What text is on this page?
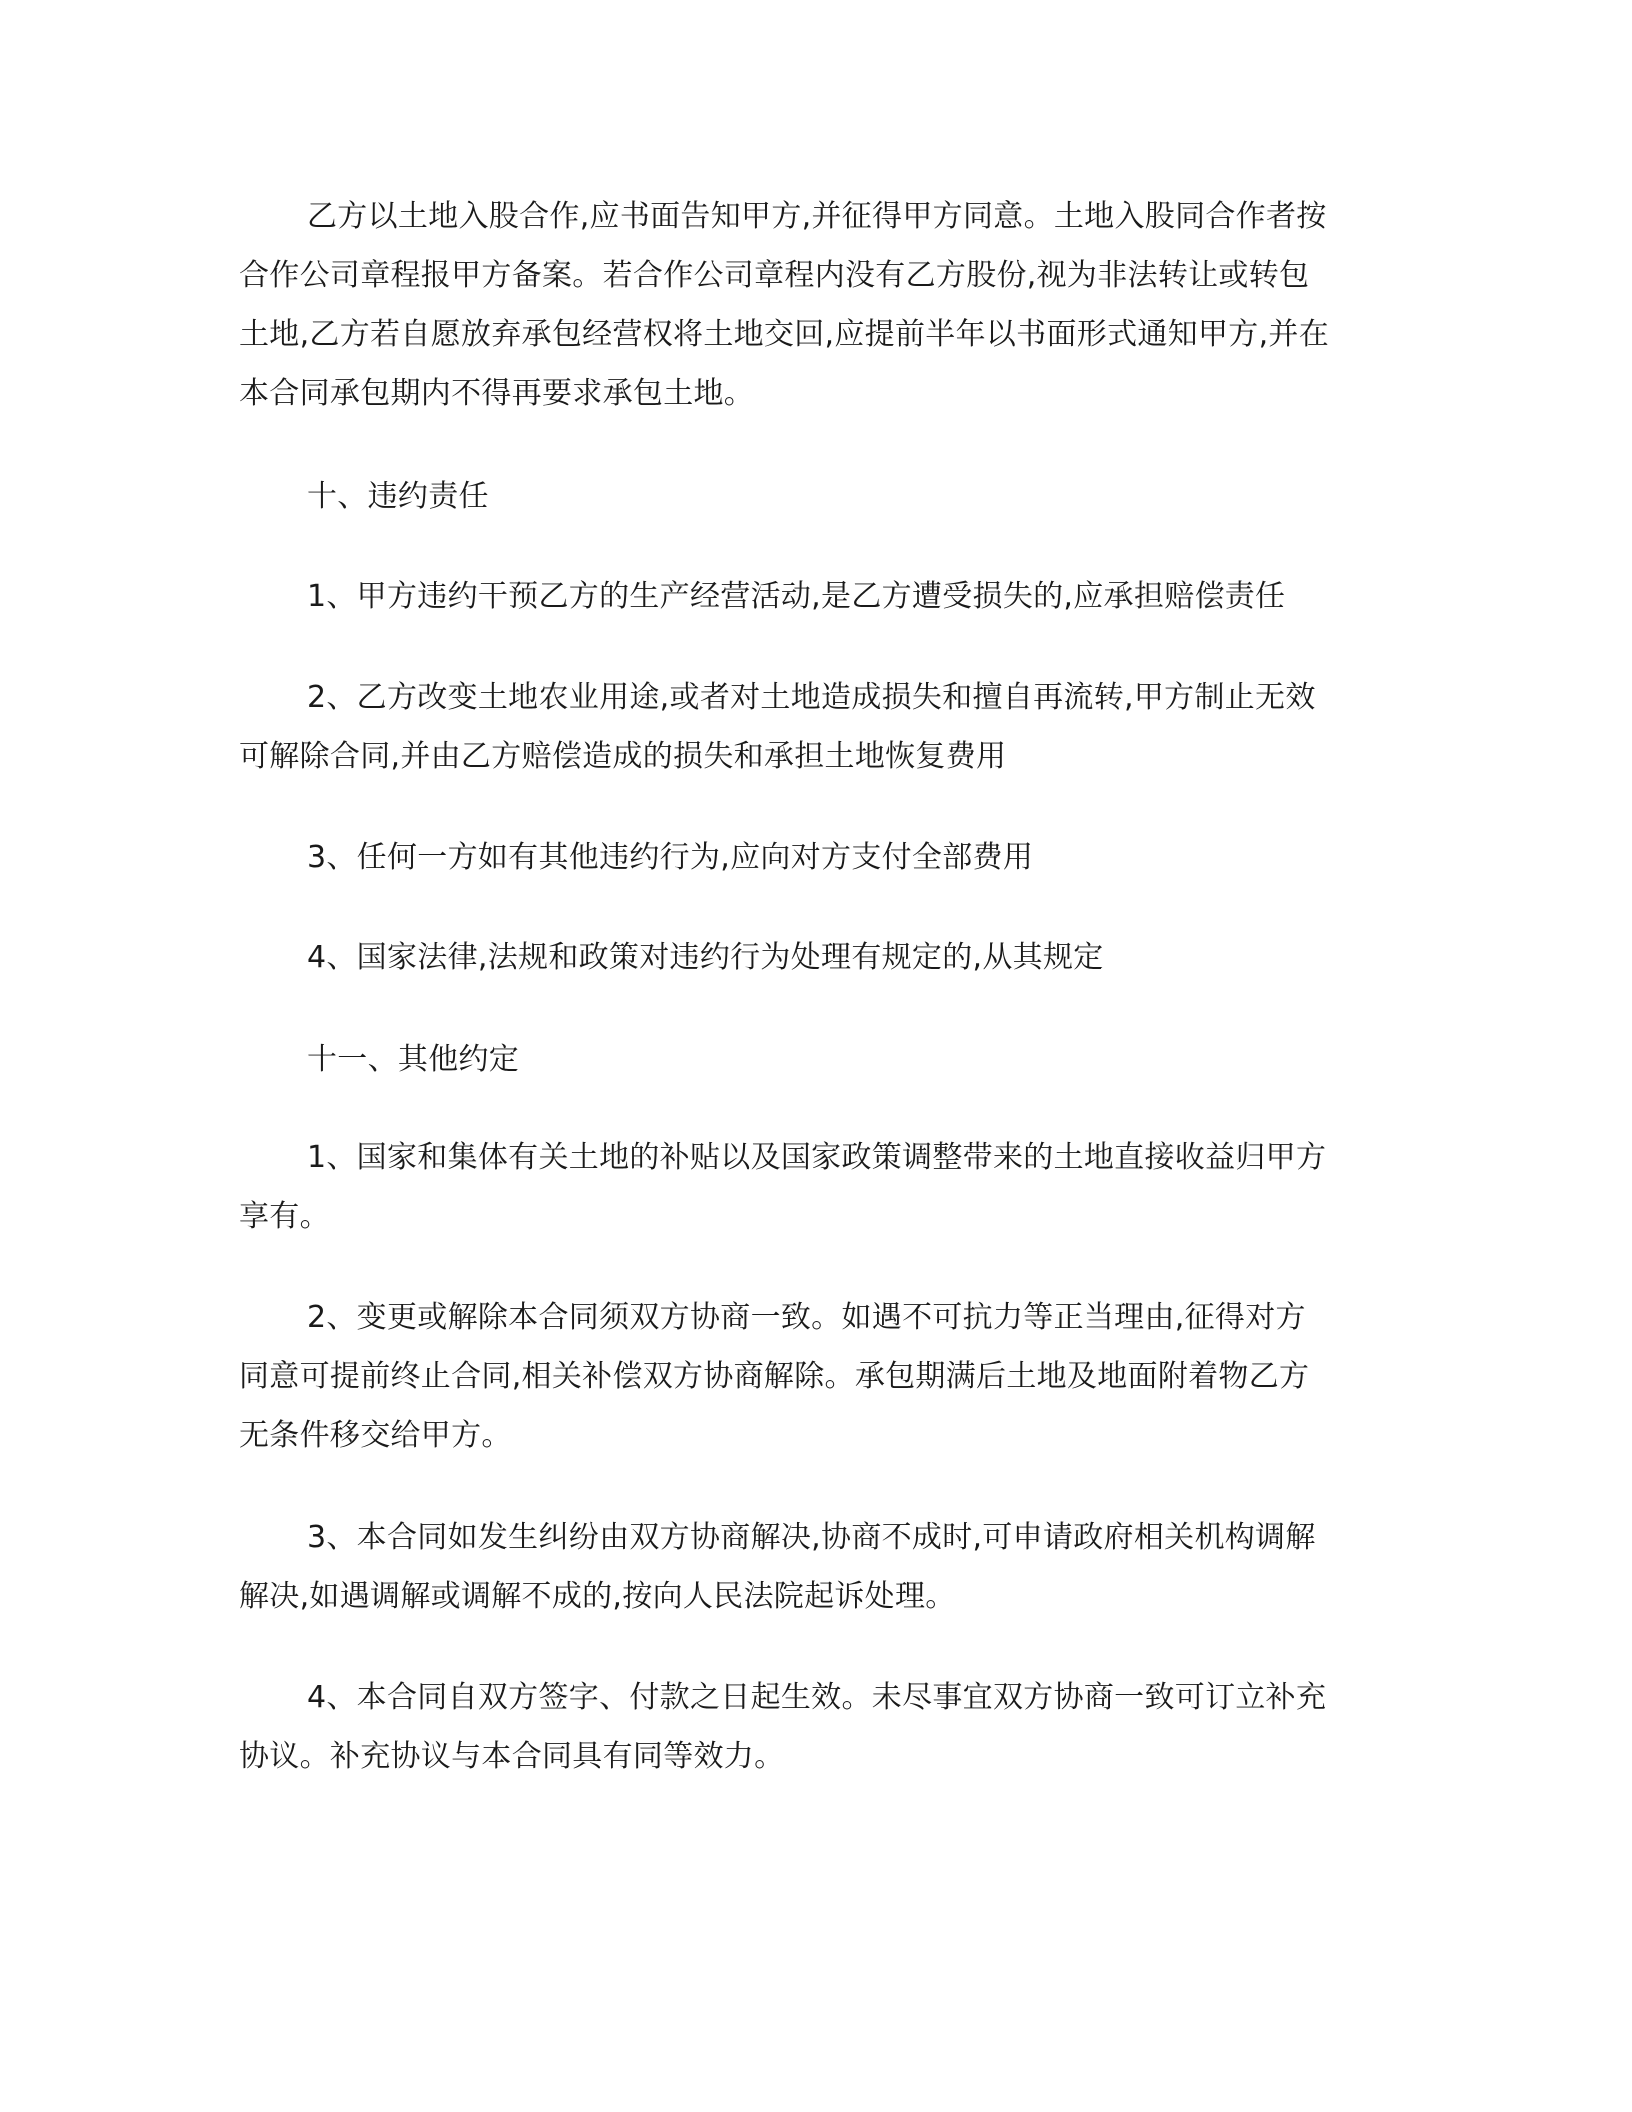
乙方以土地入股合作,应书面告知甲方,并征得甲方同意。土地入股同合作者按
合作公司章程报甲方备案。若合作公司章程内没有乙方股份,视为非法转让或转包
土地,乙方若自愿放弃承包经营权将土地交回,应提前半年以书面形式通知甲方,并在
本合同承包期内不得再要求承包土地。

十、违约责任

1、甲方违约干预乙方的生产经营活动,是乙方遭受损失的,应承担赔偿责任

2、乙方改变土地农业用途,或者对土地造成损失和擅自再流转,甲方制止无效
可解除合同,并由乙方赔偿造成的损失和承担土地恢复费用

3、任何一方如有其他违约行为,应向对方支付全部费用

4、国家法律,法规和政策对违约行为处理有规定的,从其规定

十一、其他约定

1、国家和集体有关土地的补贴以及国家政策调整带来的土地直接收益归甲方
享有。

2、变更或解除本合同须双方协商一致。如遇不可抗力等正当理由,征得对方
同意可提前终止合同,相关补偿双方协商解除。承包期满后土地及地面附着物乙方
无条件移交给甲方。

3、本合同如发生纠纷由双方协商解决,协商不成时,可申请政府相关机构调解
解决,如遇调解或调解不成的,按向人民法院起诉处理。

4、本合同自双方签字、付款之日起生效。未尽事宜双方协商一致可订立补充
协议。补充协议与本合同具有同等效力。
